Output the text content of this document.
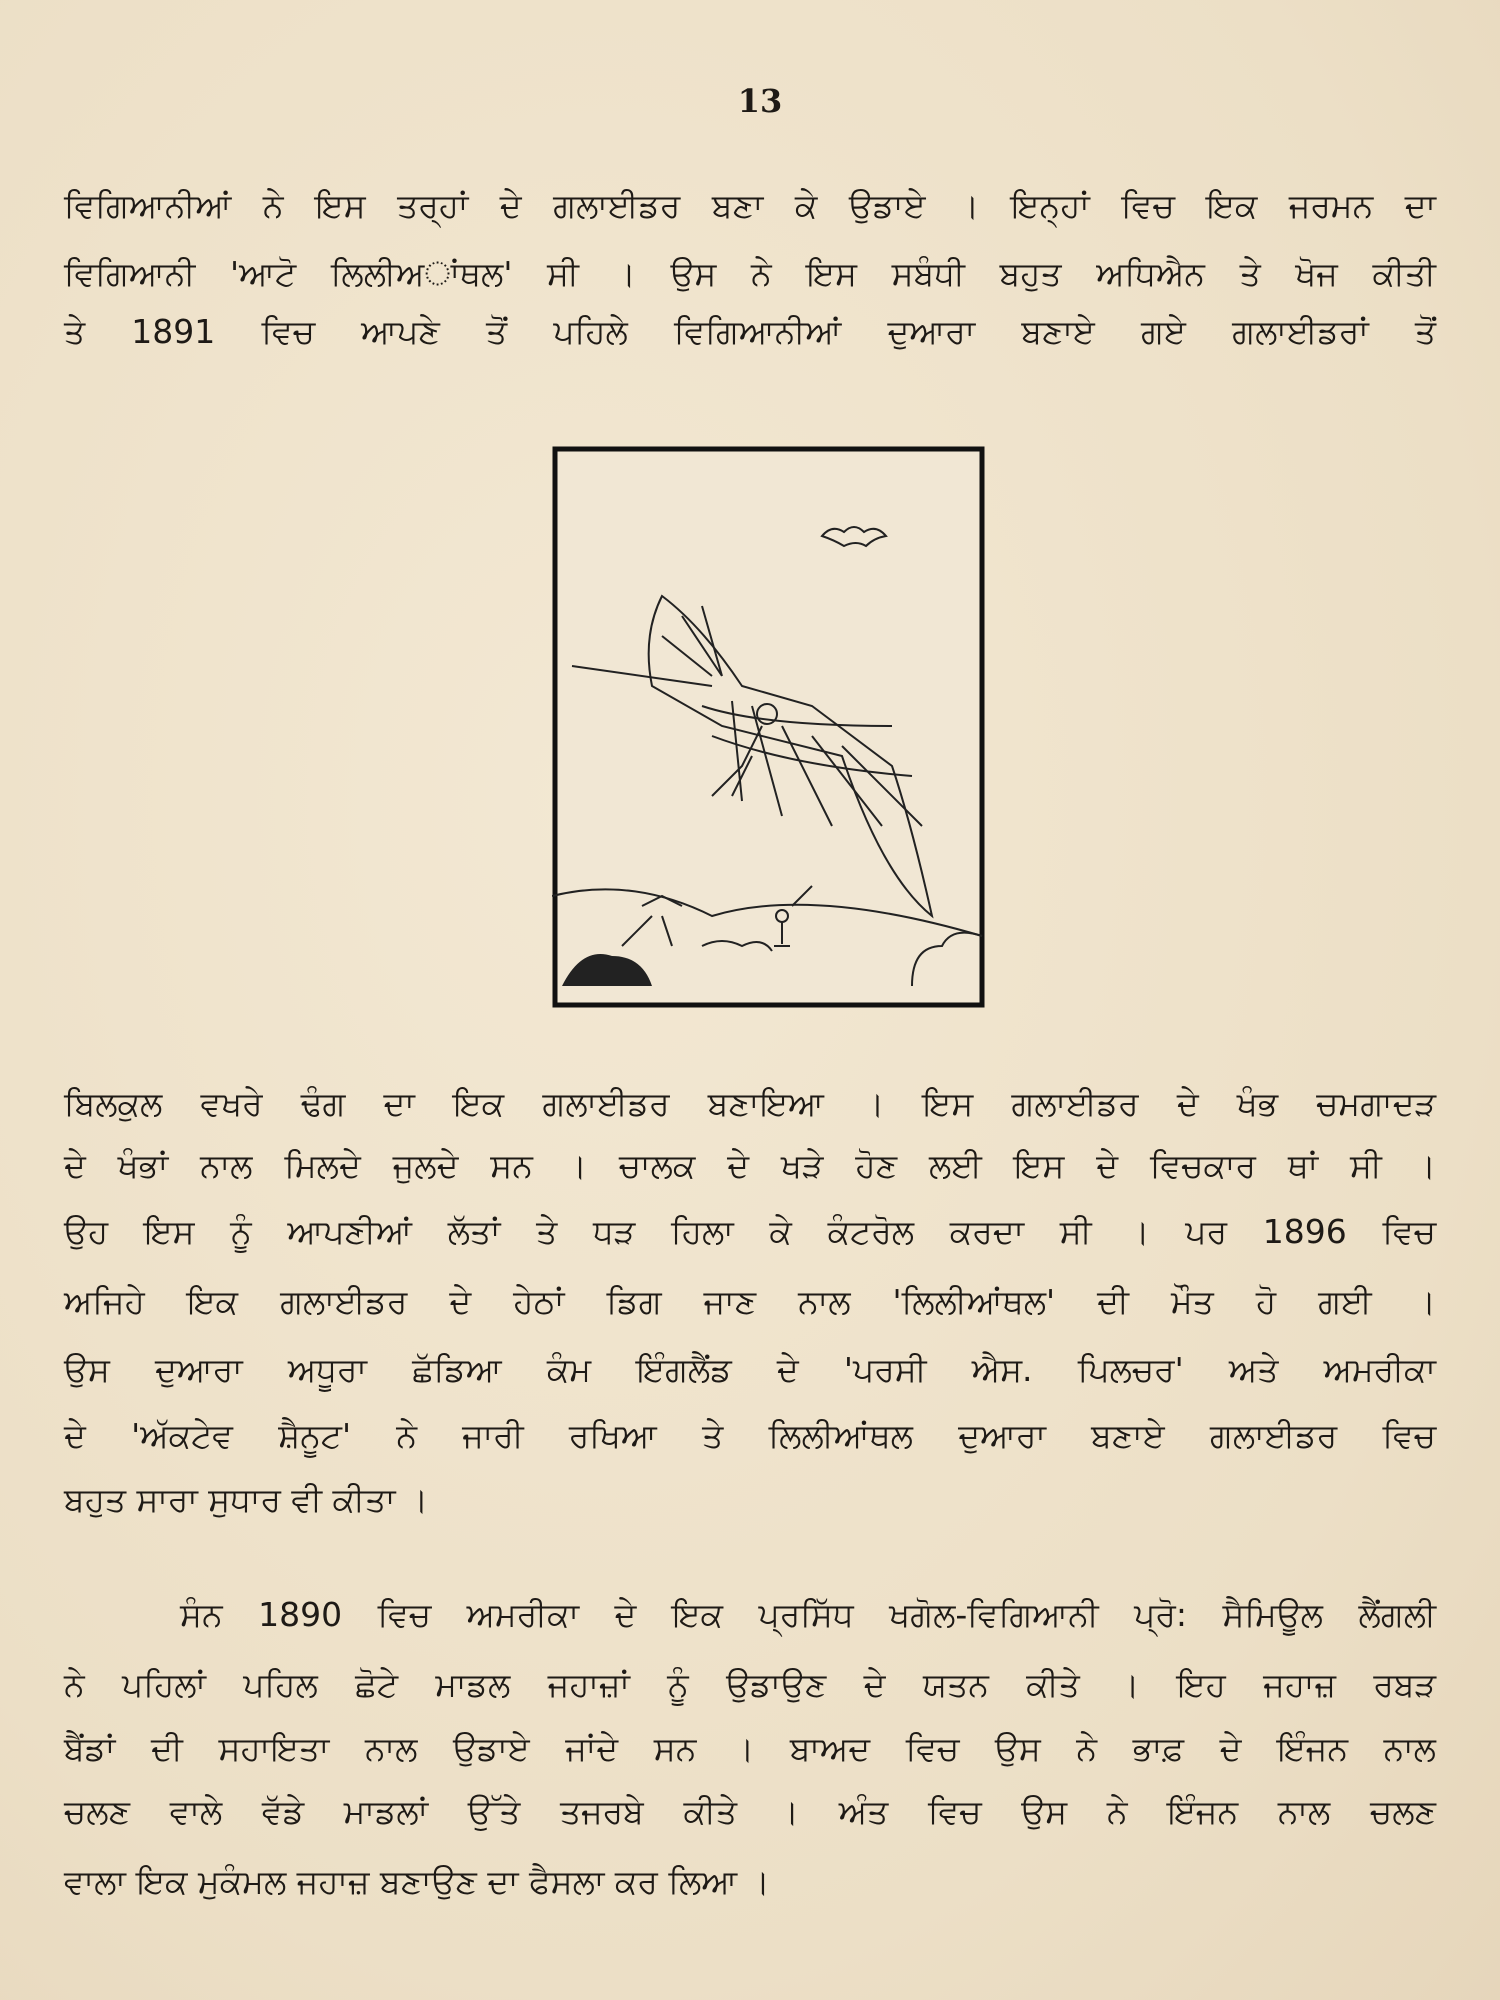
13
ਵਿਗਿਆਨੀਆਂ ਨੇ ਇਸ ਤਰ੍ਹਾਂ ਦੇ ਗਲਾਈਡਰ ਬਣਾ ਕੇ ਉਡਾਏ । ਇਨ੍ਹਾਂ ਵਿਚ ਇਕ ਜਰਮਨ ਦਾ
ਵਿਗਿਆਨੀ 'ਆਟੋ ਲਿਲੀਅਾਂਥਲ' ਸੀ । ਉਸ ਨੇ ਇਸ ਸਬੰਧੀ ਬਹੁਤ ਅਧਿਐਨ ਤੇ ਖੋਜ ਕੀਤੀ
ਤੇ 1891 ਵਿਚ ਆਪਣੇ ਤੋਂ ਪਹਿਲੇ ਵਿਗਿਆਨੀਆਂ ਦੁਆਰਾ ਬਣਾਏ ਗਏ ਗਲਾਈਡਰਾਂ ਤੋਂ
ਬਿਲਕੁਲ ਵਖਰੇ ਢੰਗ ਦਾ ਇਕ ਗਲਾਈਡਰ ਬਣਾਇਆ । ਇਸ ਗਲਾਈਡਰ ਦੇ ਖੰਭ ਚਮਗਾਦੜ
ਦੇ ਖੰਭਾਂ ਨਾਲ ਮਿਲਦੇ ਜੁਲਦੇ ਸਨ । ਚਾਲਕ ਦੇ ਖੜੇ ਹੋਣ ਲਈ ਇਸ ਦੇ ਵਿਚਕਾਰ ਥਾਂ ਸੀ ।
ਉਹ ਇਸ ਨੂੰ ਆਪਣੀਆਂ ਲੱਤਾਂ ਤੇ ਧੜ ਹਿਲਾ ਕੇ ਕੰਟਰੋਲ ਕਰਦਾ ਸੀ । ਪਰ 1896 ਵਿਚ
ਅਜਿਹੇ ਇਕ ਗਲਾਈਡਰ ਦੇ ਹੇਠਾਂ ਡਿਗ ਜਾਣ ਨਾਲ 'ਲਿਲੀਆਂਥਲ' ਦੀ ਮੌਤ ਹੋ ਗਈ ।
ਉਸ ਦੁਆਰਾ ਅਧੂਰਾ ਛੱਡਿਆ ਕੰਮ ਇੰਗਲੈਂਡ ਦੇ 'ਪਰਸੀ ਐਸ. ਪਿਲਚਰ' ਅਤੇ ਅਮਰੀਕਾ
ਦੇ 'ਅੱਕਟੇਵ ਸ਼ੈਨੂਟ' ਨੇ ਜਾਰੀ ਰਖਿਆ ਤੇ ਲਿਲੀਆਂਥਲ ਦੁਆਰਾ ਬਣਾਏ ਗਲਾਈਡਰ ਵਿਚ
ਬਹੁਤ ਸਾਰਾ ਸੁਧਾਰ ਵੀ ਕੀਤਾ ।
ਸੰਨ 1890 ਵਿਚ ਅਮਰੀਕਾ ਦੇ ਇਕ ਪ੍ਰਸਿੱਧ ਖਗੋਲ-ਵਿਗਿਆਨੀ ਪ੍ਰੋ: ਸੈਮਿਊਲ ਲੈਂਗਲੀ
ਨੇ ਪਹਿਲਾਂ ਪਹਿਲ ਛੋਟੇ ਮਾਡਲ ਜਹਾਜ਼ਾਂ ਨੂੰ ਉਡਾਉਣ ਦੇ ਯਤਨ ਕੀਤੇ । ਇਹ ਜਹਾਜ਼ ਰਬੜ
ਬੈਂਡਾਂ ਦੀ ਸਹਾਇਤਾ ਨਾਲ ਉਡਾਏ ਜਾਂਦੇ ਸਨ । ਬਾਅਦ ਵਿਚ ਉਸ ਨੇ ਭਾਫ਼ ਦੇ ਇੰਜਨ ਨਾਲ
ਚਲਣ ਵਾਲੇ ਵੱਡੇ ਮਾਡਲਾਂ ਉੱਤੇ ਤਜਰਬੇ ਕੀਤੇ । ਅੰਤ ਵਿਚ ਉਸ ਨੇ ਇੰਜਨ ਨਾਲ ਚਲਣ
ਵਾਲਾ ਇਕ ਮੁਕੰਮਲ ਜਹਾਜ਼ ਬਣਾਉਣ ਦਾ ਫੈਸਲਾ ਕਰ ਲਿਆ ।
